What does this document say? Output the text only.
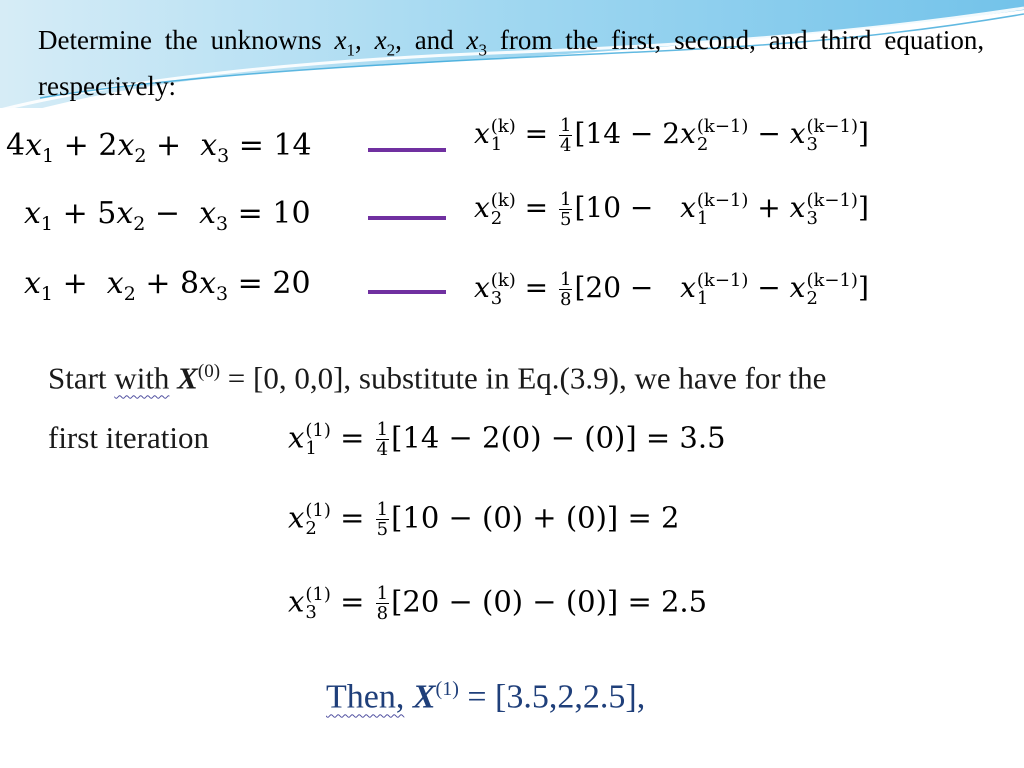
Determine the unknowns $x_1$, $x_2$, and $x_3$ from the first, second, and third equation, respectively:
$4x_1 + 2x_2 + x_3 = 14$
$x_1 + 5x_2 - x_3 = 10$
$x_1 + x_2 + 8x_3 = 20$
x (k)
$1 = \frac{1}{4} [14 - 2x$ (k−1)
2	− x (k−1)
3	]
x (k)
$2 = \frac{1}{5} [10 - x$ (k−1)
1	+ x (k−1)
3	]
x (k)
$3 = \frac{1}{8} [20 - x$ (k−1)
1	− x (k−1)
2	]
Start with $X^{(0)} = [0$, 0,0], substitute in Eq.(3.9), we have for the
first iteration	x (1)
$1 = \frac{1}{4} [14 - 2(0) - (0)] = 3.5$
x (1)
$2 = \frac{1}{5} [10 - (0) + (0)] = 2$
x (1)
$3 = \frac{1}{8} [20 - (0) - (0)] = 2.5$
Then, $X^{(1)} = [3.5,2,2.5]$,
